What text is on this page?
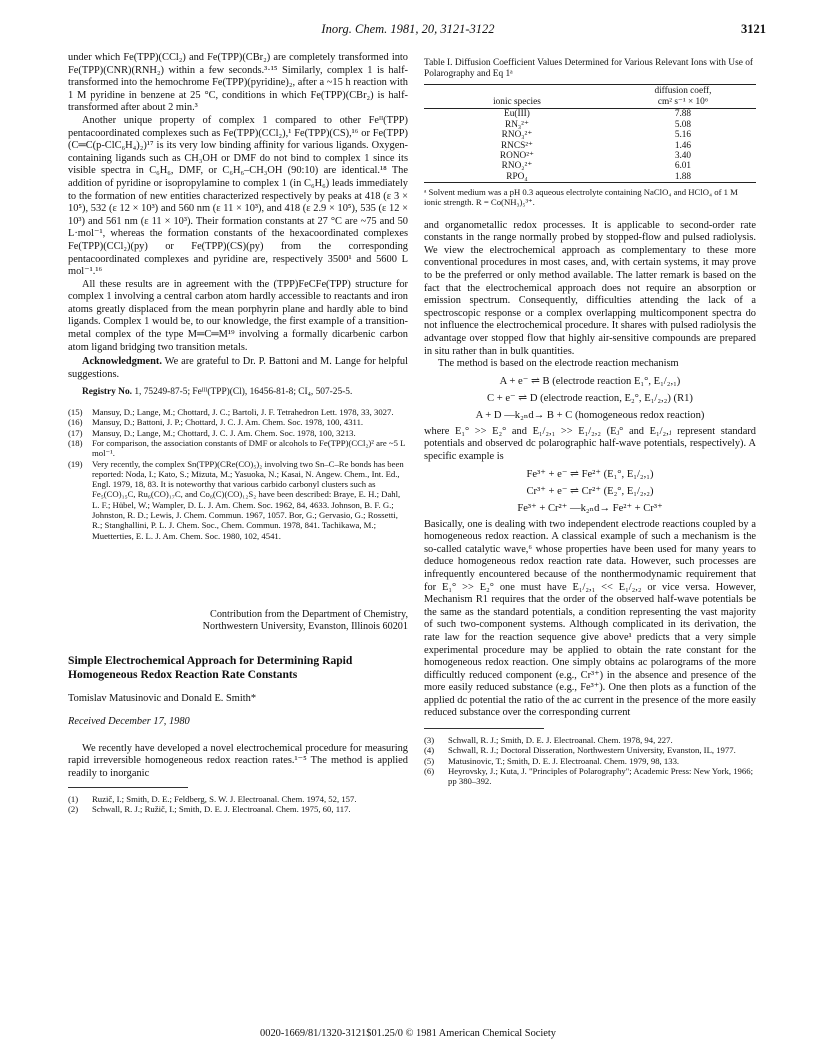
Inorg. Chem. 1981, 20, 3121-3122	3121

under which Fe(TPP)(CCl₂) and Fe(TPP)(CBr₂) are completely transformed into Fe(TPP)(CNR)(RNH₂) within a few seconds.³·¹⁵ Similarly, complex 1 is half-transformed into the hemochrome Fe(TPP)(pyridine)₂, after a ~15 h reaction with 1 M pyridine in benzene at 25 °C, conditions in which Fe(TPP)(CBr₂) is half-transformed after about 2 min.³

Another unique property of complex 1 compared to other Feᴵᴵ(TPP) pentacoordinated complexes such as Fe(TPP)(CCl₂),¹ Fe(TPP)(CS),¹⁶ or Fe(TPP)(C═C(p-ClC₆H₄)₂)¹⁷ is its very low binding affinity for various ligands. Oxygen-containing ligands such as CH₃OH or DMF do not bind to complex 1 since its visible spectra in C₆H₆, DMF, or C₆H₆–CH₃OH (90:10) are identical.¹⁸ The addition of pyridine or isopropylamine to complex 1 (in C₆H₆) leads immediately to the formation of new entities characterized respectively by peaks at 418 (ε 3 × 10⁵), 532 (ε 12 × 10³) and 560 nm (ε 11 × 10³), and 418 (ε 2.9 × 10⁵), 535 (ε 12 × 10³) and 561 nm (ε 11 × 10³). Their formation constants at 27 °C are ~75 and 50 L·mol⁻¹, whereas the formation constants of the hexacoordinated complexes Fe(TPP)(CCl₂)(py) or Fe(TPP)(CS)(py) from the corresponding pentacoordinated complexes and pyridine are, respectively 3500¹ and 5600 L mol⁻¹.¹⁶

All these results are in agreement with the (TPP)FeCFe(TPP) structure for complex 1 involving a central carbon atom hardly accessible to reactants and iron atoms greatly displaced from the mean porphyrin plane and hardly able to bind ligands. Complex 1 would be, to our knowledge, the first example of a transition-metal complex of the type M═C═M¹⁹ involving a formally dicarbenic carbon atom ligand bridging two transition metals.

Acknowledgment. We are grateful to Dr. P. Battoni and M. Lange for helpful suggestions.

Registry No. 1, 75249-87-5; Feᴵᴵᴵ(TPP)(Cl), 16456-81-8; CI₄, 507-25-5.

(15) Mansuy, D.; Lange, M.; Chottard, J. C.; Bartoli, J. F. Tetrahedron Lett. 1978, 33, 3027.
(16) Mansuy, D.; Battoni, J. P.; Chottard, J. C. J. Am. Chem. Soc. 1978, 100, 4311.
(17) Mansuy, D.; Lange, M.; Chottard, J. C. J. Am. Chem. Soc. 1978, 100, 3213.
(18) For comparison, the association constants of DMF or alcohols to Fe(TPP)(CCl₂)² are ~5 L mol⁻¹.
(19) Very recently, the complex Sn(TPP)(CRe(CO)₅)₂ involving two Sn–C–Re bonds has been reported: Noda, I.; Kato, S.; Mizuta, M.; Yasuoka, N.; Kasai, N. Angew. Chem., Int. Ed., Engl. 1979, 18, 83. It is noteworthy that various carbido carbonyl clusters such as Fe₅(CO)₁₅C, Ru₆(CO)₁₇C, and Co₆(C)(CO)₁₂S₂ have been described: Braye, E. H.; Dahl, L. F.; Hübel, W.; Wampler, D. L. J. Am. Chem. Soc. 1962, 84, 4633. Johnson, B. F. G.; Johnston, R. D.; Lewis, J. Chem. Commun. 1967, 1057. Bor, G.; Gervasio, G.; Rossetti, R.; Stanghallini, P. L. J. Chem. Soc., Chem. Commun. 1978, 841. Tachikawa, M.; Muetterties, E. L. J. Am. Chem. Soc. 1980, 102, 4541.
Contribution from the Department of Chemistry,
Northwestern University, Evanston, Illinois 60201
Simple Electrochemical Approach for Determining Rapid Homogeneous Redox Reaction Rate Constants
Tomislav Matusinovic and Donald E. Smith*
Received December 17, 1980

We recently have developed a novel electrochemical procedure for measuring rapid irreversible homogeneous redox reaction rates.¹⁻⁵ The method is applied readily to inorganic

(1) Ruzič, I.; Smith, D. E.; Feldberg, S. W. J. Electroanal. Chem. 1974, 52, 157.
(2) Schwall, R. J.; Ružič, I.; Smith, D. E. J. Electroanal. Chem. 1975, 60, 117.
Table I. Diffusion Coefficient Values Determined for Various Relevant Ions with Use of Polarography and Eq 1ᵃ
ionic species	diffusion coeff,
cm² s⁻¹ × 10⁶
Eu(III)	7.88
RN₃²⁺	5.08
RNO₃²⁺	5.16
RNCS²⁺	1.46
RONO²⁺	3.40
RNO₂²⁺	6.01
RPO₄	1.88
ᵃ Solvent medium was a pH 0.3 aqueous electrolyte containing NaClO₄ and HClO₄ of 1 M ionic strength. R = Co(NH₃)₅³⁺.

and organometallic redox processes. It is applicable to second-order rate constants in the range normally probed by stopped-flow and pulsed radiolysis. We view the electrochemical approach as complementary to these more conventional procedures in most cases, and, with certain systems, it may prove to be the preferred or only method available. The latter remark is based on the fact that the electrochemical approach does not require an absorption or emission spectrum. Consequently, difficulties attending the lack of a spectroscopic response or a complex overlapping multicomponent spectra do not influence the electrochemical procedure. It shares with pulsed radiolysis the advantage over stopped flow that highly air-sensitive compounds are prepared in situ rather than in bulk quantities.

The method is based on the electrode reaction mechanism

A + e⁻ ⇌ B (electrode reaction E₁°, E₁/₂,₁)
C + e⁻ ⇌ D (electrode reaction, E₂°, E₁/₂,₂) (R1)
A + D —k₂ₙd→ B + C (homogeneous redox reaction)

where E₁° >> E₂° and E₁/₂,₁ >> E₁/₂,₂ (Eⱼ° and E₁/₂,ⱼ represent standard potentials and observed dc polarographic half-wave potentials, respectively). A specific example is

Fe³⁺ + e⁻ ⇌ Fe²⁺ (E₁°, E₁/₂,₁)
Cr³⁺ + e⁻ ⇌ Cr²⁺ (E₂°, E₁/₂,₂)
Fe³⁺ + Cr²⁺ —k₂ₙd→ Fe²⁺ + Cr³⁺

Basically, one is dealing with two independent electrode reactions coupled by a homogeneous redox reaction. A classical example of such a mechanism is the so-called catalytic wave,⁶ whose properties have been used for many years to deduce homogeneous redox reaction rate data. However, such processes are infrequently encountered because of the nonthermodynamic requirement that for E₁° >> E₂° one must have E₁/₂,₁ << E₁/₂,₂ or vice versa. However, Mechanism R1 requires that the order of the observed half-wave potentials be the same as the standard potentials, a condition representing the vast majority of such two-component systems. Although complicated in its derivation, the rate law for the reaction sequence give above¹ predicts that a very simple experimental procedure may be applied to obtain the rate constant for the homogeneous redox reaction. One simply obtains ac polarograms of the more difficultly reduced component (e.g., Cr³⁺) in the absence and presence of the more easily reduced substance (e.g., Fe³⁺). One then plots as a function of the applied dc potential the ratio of the ac current in the presence of the more easily reduced substance over the corresponding current

(3) Schwall, R. J.; Smith, D. E. J. Electroanal. Chem. 1978, 94, 227.
(4) Schwall, R. J.; Doctoral Disseration, Northwestern University, Evanston, IL, 1977.
(5) Matusinovic, T.; Smith, D. E. J. Electroanal. Chem. 1979, 98, 133.
(6) Heyrovsky, J.; Kuta, J. "Principles of Polarography"; Academic Press: New York, 1966; pp 380–392.
0020-1669/81/1320-3121$01.25/0 © 1981 American Chemical Society
